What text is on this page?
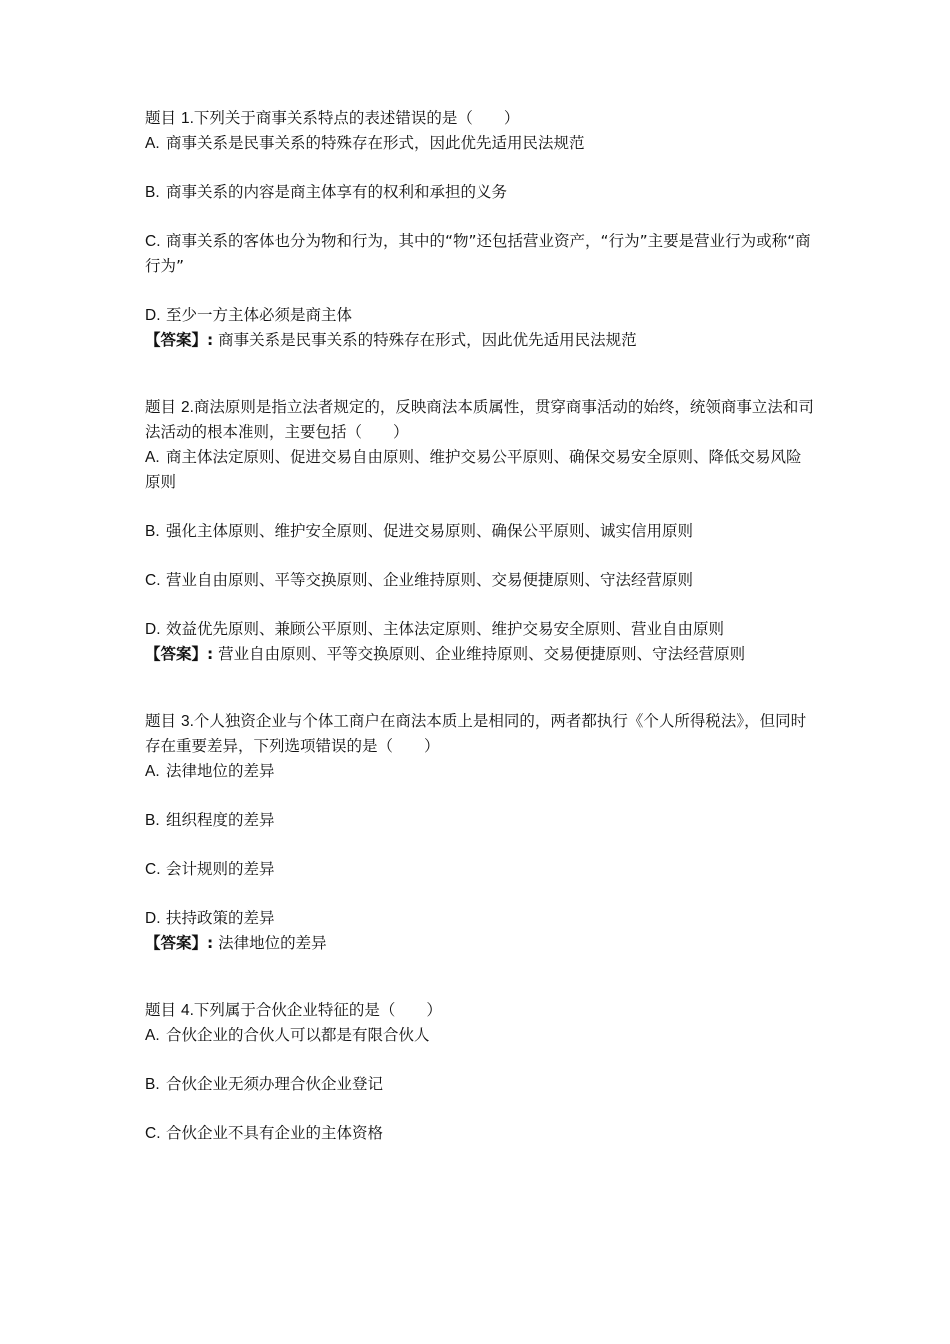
题目 1.下列关于商事关系特点的表述错误的是（　　）

A. 商事关系是民事关系的特殊存在形式，因此优先适用民法规范

B. 商事关系的内容是商主体享有的权利和承担的义务

C. 商事关系的客体也分为物和行为，其中的“物”还包括营业资产，“行为”主要是营业行为或称“商行为”

D. 至少一方主体必须是商主体

【答案】: 商事关系是民事关系的特殊存在形式，因此优先适用民法规范

题目 2.商法原则是指立法者规定的，反映商法本质属性，贯穿商事活动的始终，统领商事立法和司法活动的根本准则，主要包括（　　）

A. 商主体法定原则、促进交易自由原则、维护交易公平原则、确保交易安全原则、降低交易风险原则

B. 强化主体原则、维护安全原则、促进交易原则、确保公平原则、诚实信用原则

C. 营业自由原则、平等交换原则、企业维持原则、交易便捷原则、守法经营原则

D. 效益优先原则、兼顾公平原则、主体法定原则、维护交易安全原则、营业自由原则

【答案】: 营业自由原则、平等交换原则、企业维持原则、交易便捷原则、守法经营原则

题目 3.个人独资企业与个体工商户在商法本质上是相同的，两者都执行《个人所得税法》，但同时存在重要差异，下列选项错误的是（　　）

A. 法律地位的差异

B. 组织程度的差异

C. 会计规则的差异

D. 扶持政策的差异

【答案】: 法律地位的差异

题目 4.下列属于合伙企业特征的是（　　）

A. 合伙企业的合伙人可以都是有限合伙人

B. 合伙企业无须办理合伙企业登记

C. 合伙企业不具有企业的主体资格
